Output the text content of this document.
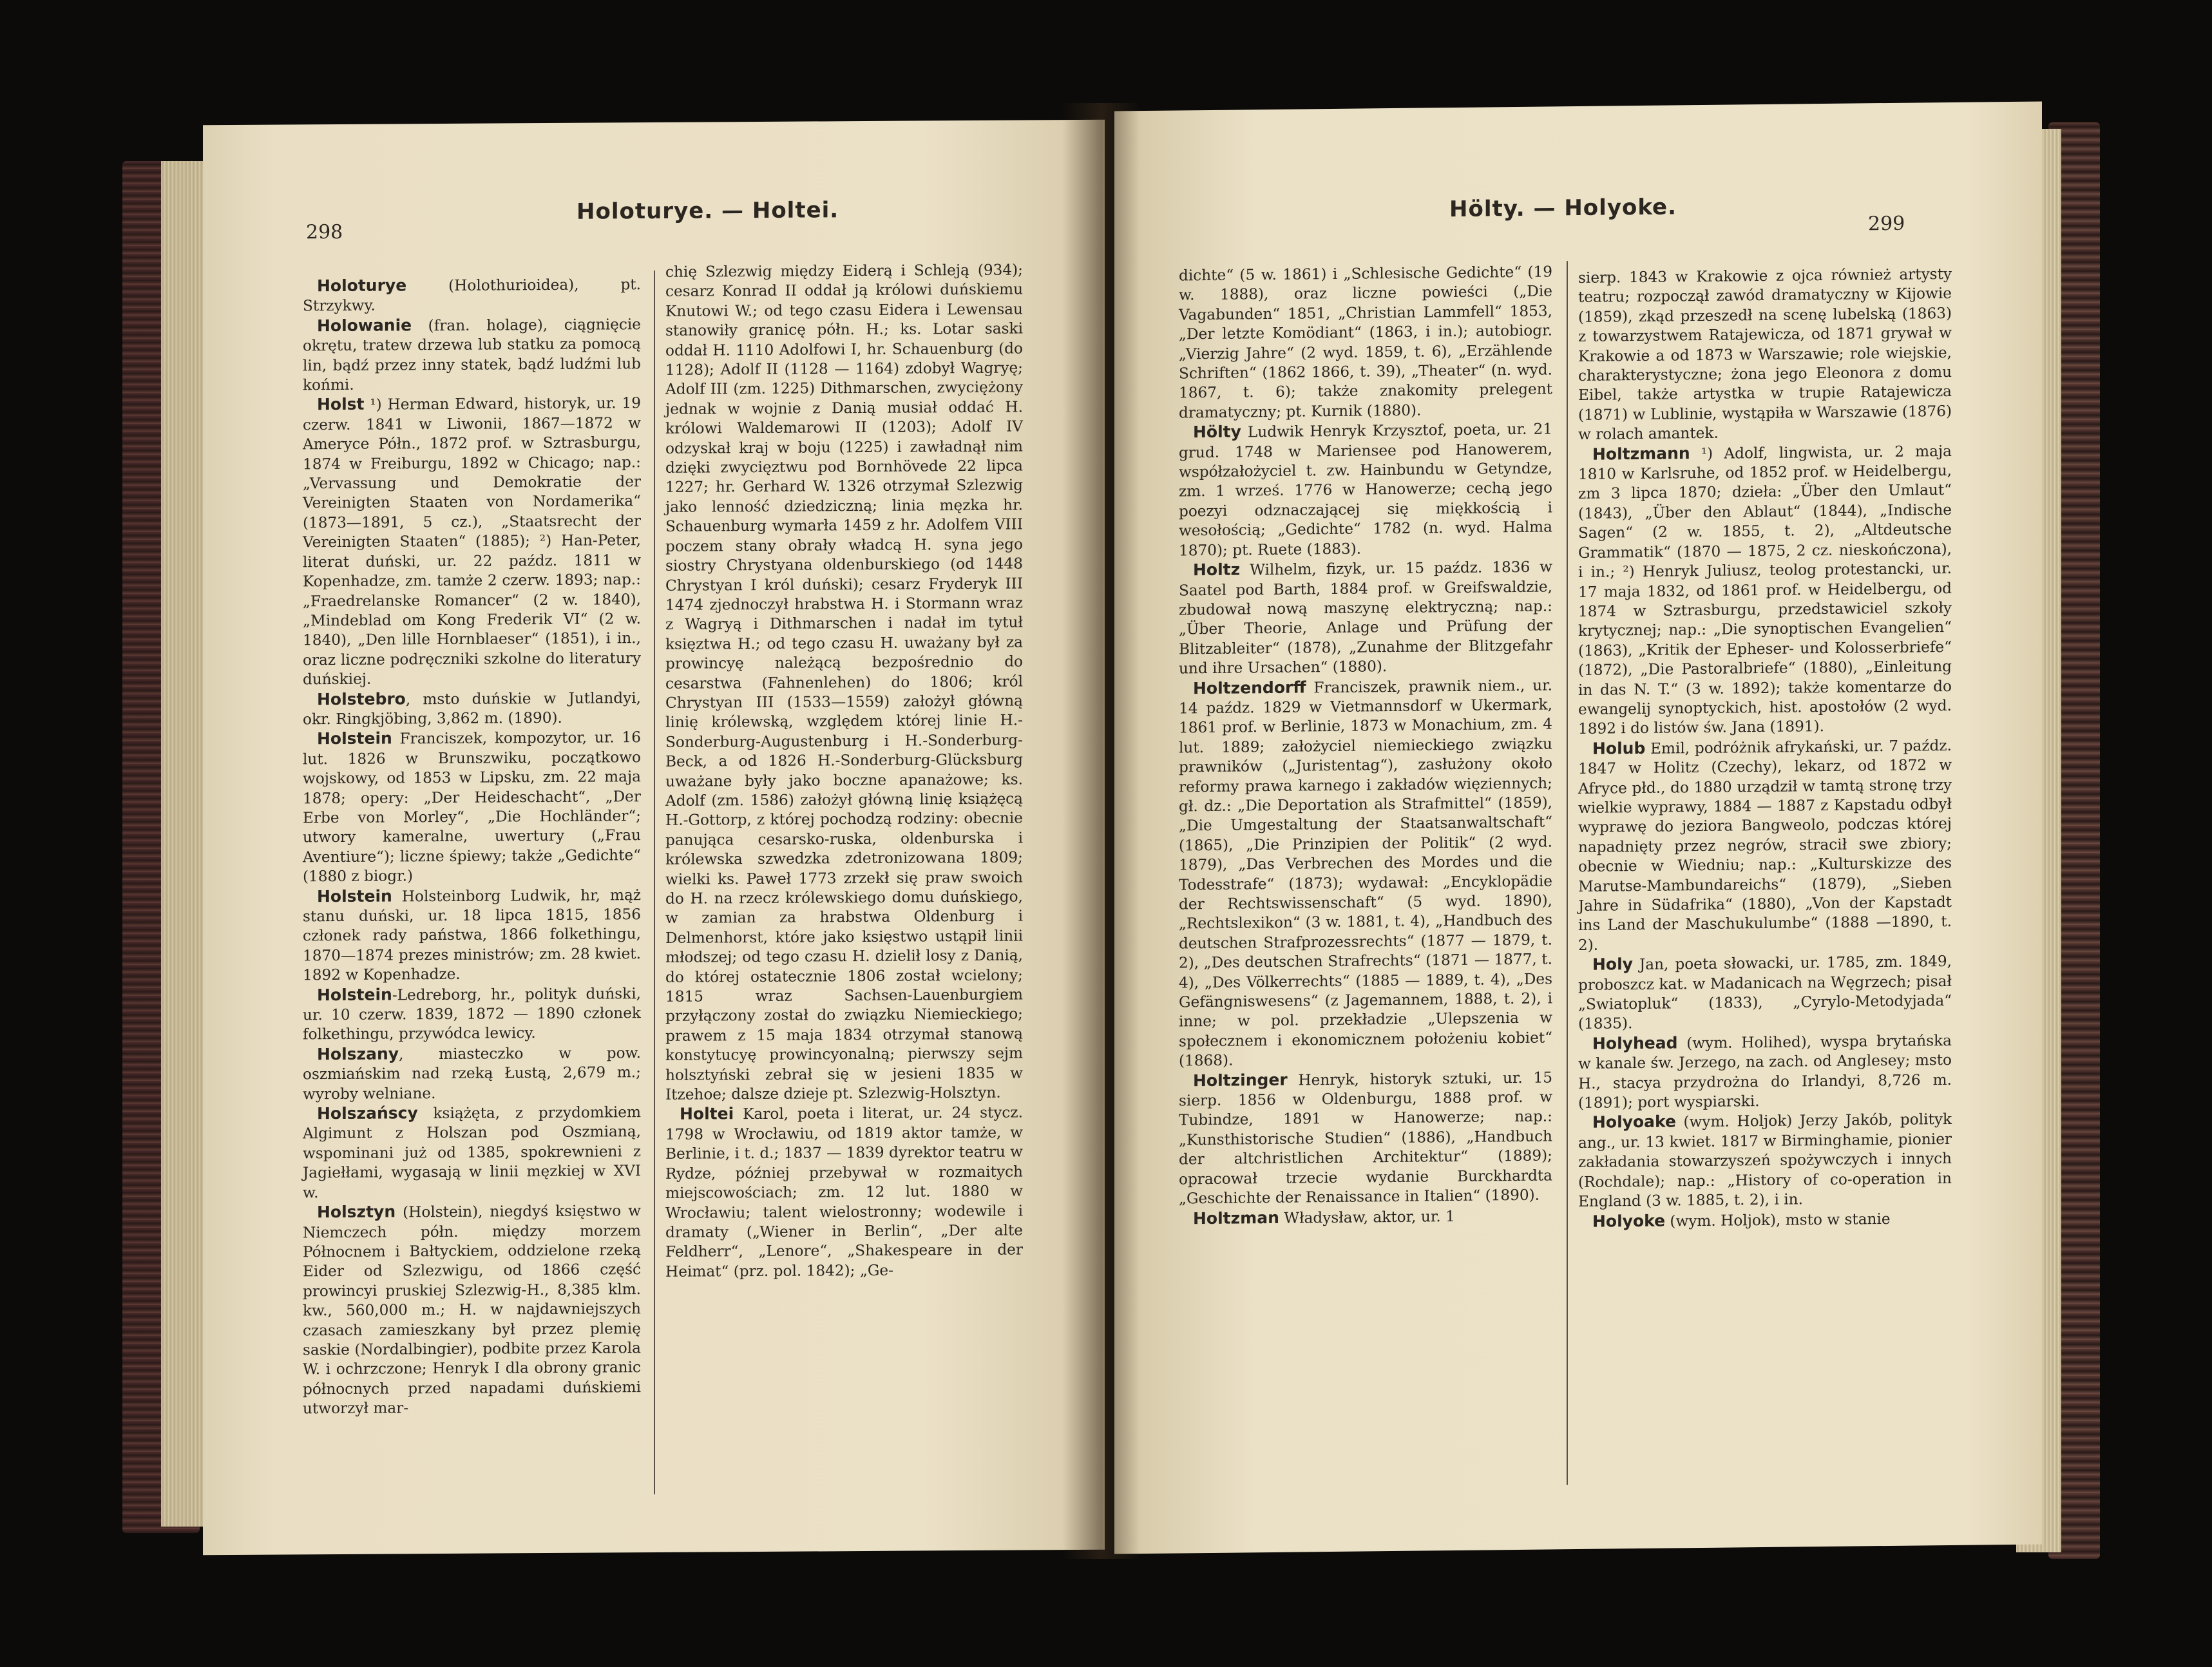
298
Holoturye. — Holtei.

Holoturye (Holothurioidea), pt. Strzykwy.

Holowanie (fran. holage), ciągnięcie okrętu, tratew drzewa lub statku za pomocą lin, bądź przez inny statek, bądź ludźmi lub końmi.

Holst ¹) Herman Edward, historyk, ur. 19 czerw. 1841 w Liwonii, 1867—1872 w Ameryce Półn., 1872 prof. w Sztrasburgu, 1874 w Freiburgu, 1892 w Chicago; nap.: „Vervassung und Demokratie der Vereinigten Staaten von Nordamerika“ (1873—1891, 5 cz.), „Staatsrecht der Vereinigten Staaten“ (1885); ²) Han-Peter, literat duński, ur. 22 paźdz. 1811 w Kopenhadze, zm. tamże 2 czerw. 1893; nap.: „Fraedrelanske Romancer“ (2 w. 1840), „Mindeblad om Kong Frederik VI“ (2 w. 1840), „Den lille Hornblaeser“ (1851), i in., oraz liczne podręczniki szkolne do literatury duńskiej.

Holstebro, msto duńskie w Jutlandyi, okr. Ringkjöbing, 3,862 m. (1890).

Holstein Franciszek, kompozytor, ur. 16 lut. 1826 w Brunszwiku, początkowo wojskowy, od 1853 w Lipsku, zm. 22 maja 1878; opery: „Der Heideschacht“, „Der Erbe von Morley“, „Die Hochländer“; utwory kameralne, uwertury („Frau Aventiure“); liczne śpiewy; także „Gedichte“ (1880 z biogr.)

Holstein Holsteinborg Ludwik, hr, mąż stanu duński, ur. 18 lipca 1815, 1856 członek rady państwa, 1866 folkethingu, 1870—1874 prezes ministrów; zm. 28 kwiet. 1892 w Kopenhadze.

Holstein-Ledreborg, hr., polityk duński, ur. 10 czerw. 1839, 1872 — 1890 członek folkethingu, przywódca lewicy.

Holszany, miasteczko w pow. oszmiańskim nad rzeką Łustą, 2,679 m.; wyroby welniane.

Holszańscy książęta, z przydomkiem Algimunt z Holszan pod Oszmianą, wspominani już od 1385, spokrewnieni z Jagiełłami, wygasają w linii męzkiej w XVI w.

Holsztyn (Holstein), niegdyś księstwo w Niemczech półn. między morzem Północnem i Bałtyckiem, oddzielone rzeką Eider od Szlezwigu, od 1866 część prowincyi pruskiej Szlezwig-H., 8,385 klm. kw., 560,000 m.; H. w najdawniejszych czasach zamieszkany był przez plemię saskie (Nordalbingier), podbite przez Karola W. i ochrzczone; Henryk I dla obrony granic północnych przed napadami duńskiemi utworzył mar-

chię Szlezwig między Eiderą i Schleją (934); cesarz Konrad II oddał ją królowi duńskiemu Knutowi W.; od tego czasu Eidera i Lewensau stanowiły granicę półn. H.; ks. Lotar saski oddał H. 1110 Adolfowi I, hr. Schauenburg (do 1128); Adolf II (1128 — 1164) zdobył Wagryę; Adolf III (zm. 1225) Dithmarschen, zwyciężony jednak w wojnie z Danią musiał oddać H. królowi Waldemarowi II (1203); Adolf IV odzyskał kraj w boju (1225) i zawładnął nim dzięki zwycięztwu pod Bornhövede 22 lipca 1227; hr. Gerhard W. 1326 otrzymał Szlezwig jako lenność dziedziczną; linia męzka hr. Schauenburg wymarła 1459 z hr. Adolfem VIII poczem stany obrały władcą H. syna jego siostry Chrystyana oldenburskiego (od 1448 Chrystyan I król duński); cesarz Fryderyk III 1474 zjednoczył hrabstwa H. i Stormann wraz z Wagryą i Dithmarschen i nadał im tytuł księztwa H.; od tego czasu H. uważany był za prowincyę należącą bezpośrednio do cesarstwa (Fahnenlehen) do 1806; król Chrystyan III (1533—1559) założył główną linię królewską, względem której linie H.-Sonderburg-Augustenburg i H.-Sonderburg-Beck, a od 1826 H.-Sonderburg-Glücksburg uważane były jako boczne apanażowe; ks. Adolf (zm. 1586) założył główną linię książęcą H.-Gottorp, z której pochodzą rodziny: obecnie panująca cesarsko-ruska, oldenburska i królewska szwedzka zdetronizowana 1809; wielki ks. Paweł 1773 zrzekł się praw swoich do H. na rzecz królewskiego domu duńskiego, w zamian za hrabstwa Oldenburg i Delmenhorst, które jako księstwo ustąpił linii młodszej; od tego czasu H. dzielił losy z Danią, do której ostatecznie 1806 został wcielony; 1815 wraz Sachsen-Lauenburgiem przyłączony został do związku Niemieckiego; prawem z 15 maja 1834 otrzymał stanową konstytucyę prowincyonalną; pierwszy sejm holsztyński zebrał się w jesieni 1835 w Itzehoe; dalsze dzieje pt. Szlezwig-Holsztyn.

Holtei Karol, poeta i literat, ur. 24 stycz. 1798 w Wrocławiu, od 1819 aktor tamże, w Berlinie, i t. d.; 1837 — 1839 dyrektor teatru w Rydze, później przebywał w rozmaitych miejscowościach; zm. 12 lut. 1880 w Wrocławiu; talent wielostronny; wodewile i dramaty („Wiener in Berlin“, „Der alte Feldherr“, „Lenore“, „Shakespeare in der Heimat“ (prz. pol. 1842); „Ge-

Hölty. — Holyoke.
299

dichte“ (5 w. 1861) i „Schlesische Gedichte“ (19 w. 1888), oraz liczne powieści („Die Vagabunden“ 1851, „Christian Lammfell“ 1853, „Der letzte Komödiant“ (1863, i in.); autobiogr. „Vierzig Jahre“ (2 wyd. 1859, t. 6), „Erzählende Schriften“ (1862 1866, t. 39), „Theater“ (n. wyd. 1867, t. 6); także znakomity prelegent dramatyczny; pt. Kurnik (1880).

Hölty Ludwik Henryk Krzysztof, poeta, ur. 21 grud. 1748 w Mariensee pod Hanowerem, współzałożyciel t. zw. Hainbundu w Getyndze, zm. 1 wrześ. 1776 w Hanowerze; cechą jego poezyi odznaczającej się miękkością i wesołością; „Gedichte“ 1782 (n. wyd. Halma 1870); pt. Ruete (1883).

Holtz Wilhelm, fizyk, ur. 15 paźdz. 1836 w Saatel pod Barth, 1884 prof. w Greifswaldzie, zbudował nową maszynę elektryczną; nap.: „Über Theorie, Anlage und Prüfung der Blitzableiter“ (1878), „Zunahme der Blitzgefahr und ihre Ursachen“ (1880).

Holtzendorff Franciszek, prawnik niem., ur. 14 paźdz. 1829 w Vietmannsdorf w Ukermark, 1861 prof. w Berlinie, 1873 w Monachium, zm. 4 lut. 1889; założyciel niemieckiego związku prawników („Juristentag“), zasłużony około reformy prawa karnego i zakładów więziennych; gł. dz.: „Die Deportation als Strafmittel“ (1859), „Die Umgestaltung der Staatsanwaltschaft“ (1865), „Die Prinzipien der Politik“ (2 wyd. 1879), „Das Verbrechen des Mordes und die Todesstrafe“ (1873); wydawał: „Encyklopädie der Rechtswissenschaft“ (5 wyd. 1890), „Rechtslexikon“ (3 w. 1881, t. 4), „Handbuch des deutschen Strafprozessrechts“ (1877 — 1879, t. 2), „Des deutschen Strafrechts“ (1871 — 1877, t. 4), „Des Völkerrechts“ (1885 — 1889, t. 4), „Des Gefängniswesens“ (z Jagemannem, 1888, t. 2), i inne; w pol. przekładzie „Ulepszenia w społecznem i ekonomicznem położeniu kobiet“ (1868).

Holtzinger Henryk, historyk sztuki, ur. 15 sierp. 1856 w Oldenburgu, 1888 prof. w Tubindze, 1891 w Hanowerze; nap.: „Kunsthistorische Studien“ (1886), „Handbuch der altchristlichen Architektur“ (1889); opracował trzecie wydanie Burckhardta „Geschichte der Renaissance in Italien“ (1890).

Holtzman Władysław, aktor, ur. 1

sierp. 1843 w Krakowie z ojca również artysty teatru; rozpoczął zawód dramatyczny w Kijowie (1859), zkąd przeszedł na scenę lubelską (1863) z towarzystwem Ratajewicza, od 1871 grywał w Krakowie a od 1873 w Warszawie; role wiejskie, charakterystyczne; żona jego Eleonora z domu Eibel, także artystka w trupie Ratajewicza (1871) w Lublinie, wystąpiła w Warszawie (1876) w rolach amantek.

Holtzmann ¹) Adolf, lingwista, ur. 2 maja 1810 w Karlsruhe, od 1852 prof. w Heidelbergu, zm 3 lipca 1870; dzieła: „Über den Umlaut“ (1843), „Über den Ablaut“ (1844), „Indische Sagen“ (2 w. 1855, t. 2), „Altdeutsche Grammatik“ (1870 — 1875, 2 cz. nieskończona), i in.; ²) Henryk Juliusz, teolog protestancki, ur. 17 maja 1832, od 1861 prof. w Heidelbergu, od 1874 w Sztrasburgu, przedstawiciel szkoły krytycznej; nap.: „Die synoptischen Evangelien“ (1863), „Kritik der Epheser- und Kolosserbriefe“ (1872), „Die Pastoralbriefe“ (1880), „Einleitung in das N. T.“ (3 w. 1892); także komentarze do ewangelij synoptyckich, hist. apostołów (2 wyd. 1892 i do listów św. Jana (1891).

Holub Emil, podróżnik afrykański, ur. 7 paźdz. 1847 w Holitz (Czechy), lekarz, od 1872 w Afryce płd., do 1880 urządził w tamtą stronę trzy wielkie wyprawy, 1884 — 1887 z Kapstadu odbył wyprawę do jeziora Bangweolo, podczas której napadnięty przez negrów, stracił swe zbiory; obecnie w Wiedniu; nap.: „Kulturskizze des Marutse-Mambundareichs“ (1879), „Sieben Jahre in Südafrika“ (1880), „Von der Kapstadt ins Land der Maschukulumbe“ (1888 —1890, t. 2).

Holy Jan, poeta słowacki, ur. 1785, zm. 1849, proboszcz kat. w Madanicach na Węgrzech; pisał „Swiatopluk“ (1833), „Cyrylo-Metodyjada“ (1835).

Holyhead (wym. Holihed), wyspa brytańska w kanale św. Jerzego, na zach. od Anglesey; msto H., stacya przydrożna do Irlandyi, 8,726 m. (1891); port wyspiarski.

Holyoake (wym. Holjok) Jerzy Jakób, polityk ang., ur. 13 kwiet. 1817 w Birminghamie, pionier zakładania stowarzyszeń spożywczych i innych (Rochdale); nap.: „History of co-operation in England (3 w. 1885, t. 2), i in.

Holyoke (wym. Holjok), msto w stanie
